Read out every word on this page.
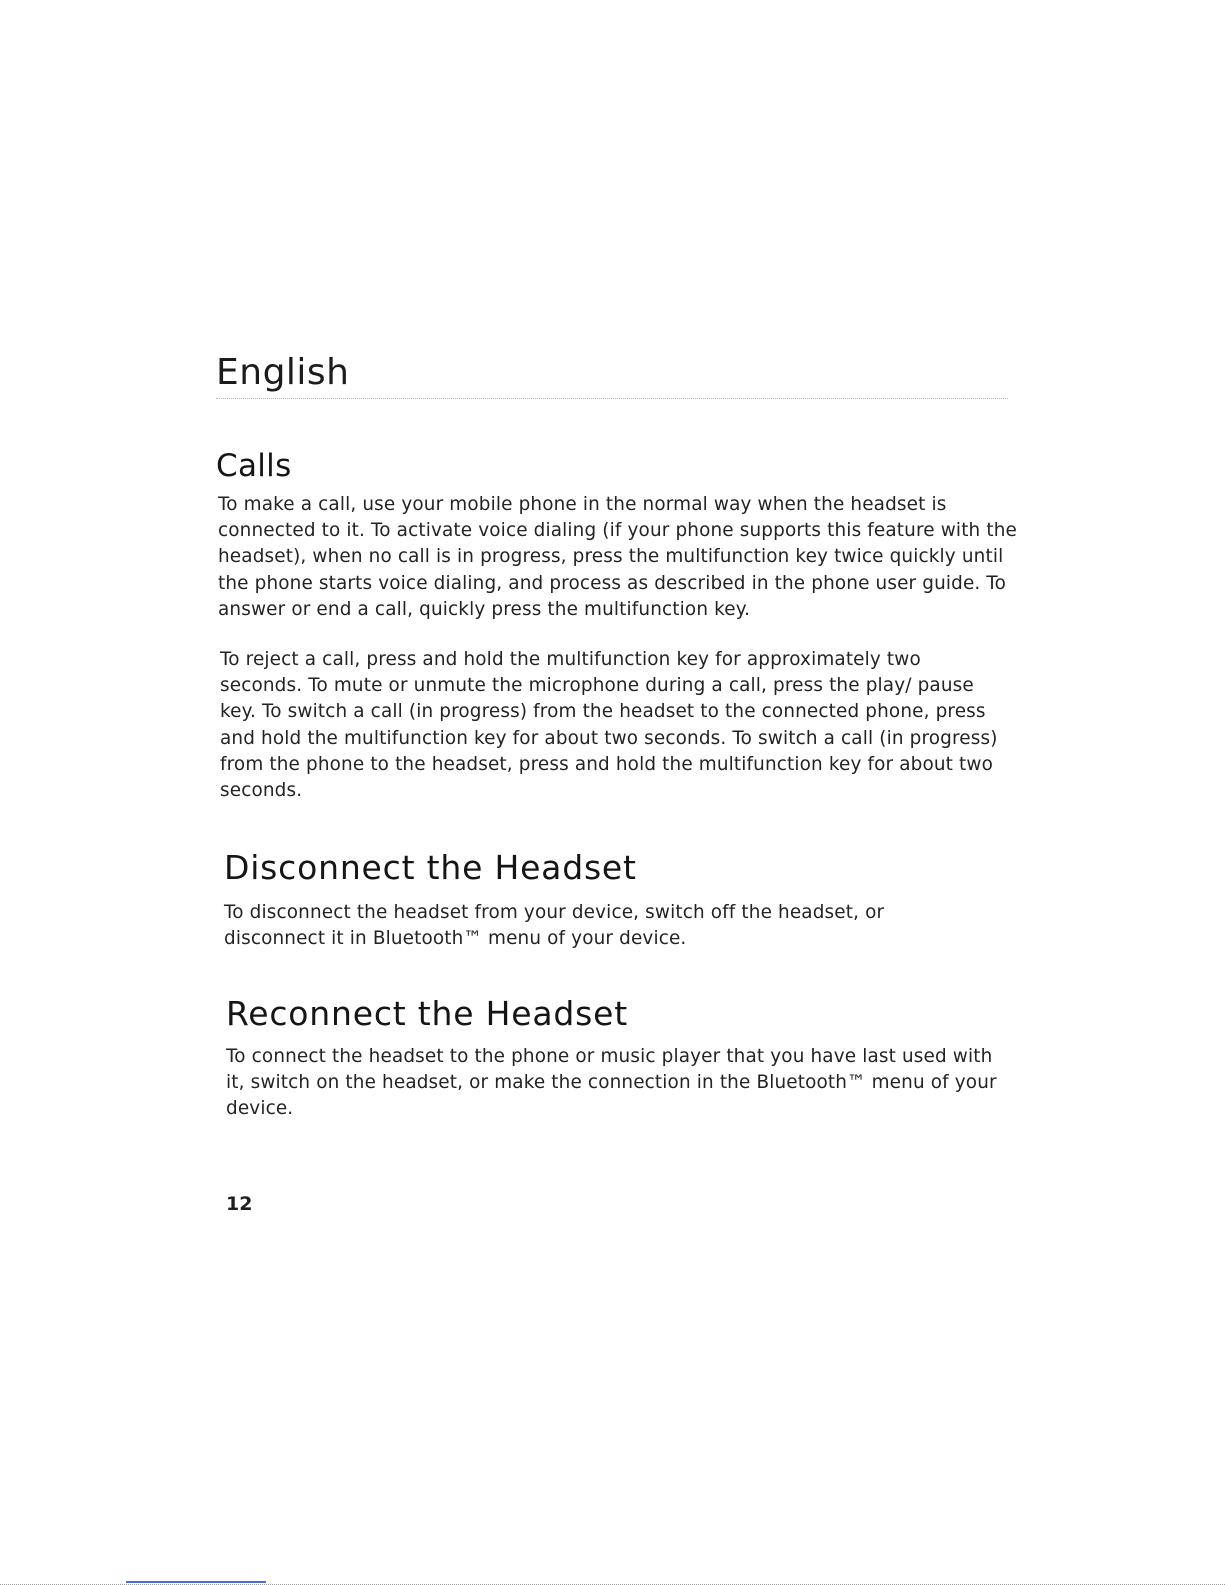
English
Calls

To make a call, use your mobile phone in the normal way when the headset is connected to it. To activate voice dialing (if your phone supports this feature with the headset), when no call is in progress, press the multifunction key twice quickly until the phone starts voice dialing, and process as described in the phone user guide. To answer or end a call, quickly press the multifunction key.

To reject a call, press and hold the multifunction key for approximately two seconds. To mute or unmute the microphone during a call, press the play/ pause key. To switch a call (in progress) from the headset to the connected phone, press and hold the multifunction key for about two seconds. To switch a call (in progress) from the phone to the headset, press and hold the multifunction key for about two seconds.

Disconnect the Headset

To disconnect the headset from your device, switch off the headset, or disconnect it in Bluetooth™ menu of your device.

Reconnect the Headset

To connect the headset to the phone or music player that you have last used with it, switch on the headset, or make the connection in the Bluetooth™ menu of your device.

12
